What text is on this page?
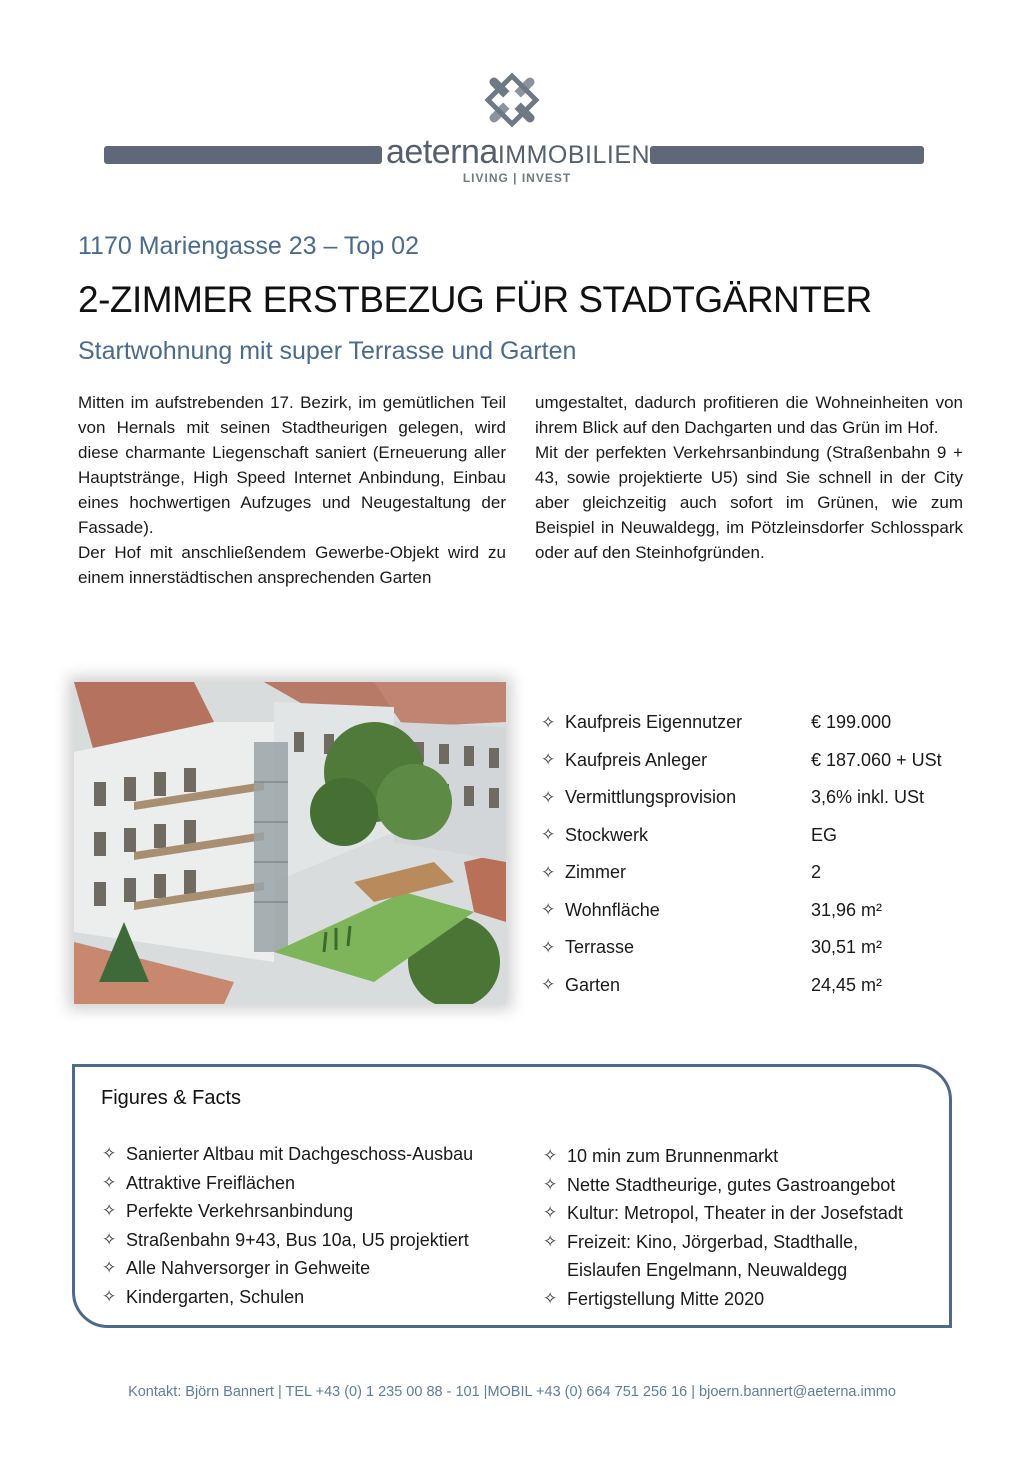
aeternaIMMOBILIEN
LIVING | INVEST
1170 Mariengasse 23 – Top 02
2-ZIMMER ERSTBEZUG FÜR STADTGÄRNTER
Startwohnung mit super Terrasse und Garten

Mitten im aufstrebenden 17. Bezirk, im gemütlichen Teil von Hernals mit seinen Stadtheurigen gelegen, wird diese charmante Liegenschaft saniert (Erneuerung aller Hauptstränge, High Speed Internet Anbindung, Einbau eines hochwertigen Aufzuges und Neugestaltung der Fassade).

Der Hof mit anschließendem Gewerbe-Objekt wird zu einem innerstädtischen ansprechenden Garten

umgestaltet, dadurch profitieren die Wohneinheiten von ihrem Blick auf den Dachgarten und das Grün im Hof.

Mit der perfekten Verkehrsanbindung (Straßenbahn 9 + 43, sowie projektierte U5) sind Sie schnell in der City aber gleichzeitig auch sofort im Grünen, wie zum Beispiel in Neuwaldegg, im Pötzleinsdorfer Schlosspark oder auf den Steinhofgründen.

✧ Kaufpreis Eigennutzer	€ 199.000
✧ Kaufpreis Anleger	€ 187.060 + USt
✧ Vermittlungsprovision	3,6% inkl. USt
✧ Stockwerk	EG
✧ Zimmer	2
✧ Wohnfläche	31,96 m²
✧ Terrasse	30,51 m²
✧ Garten	24,45 m²
Figures & Facts
✧ Sanierter Altbau mit Dachgeschoss-Ausbau
✧ Attraktive Freiflächen
✧ Perfekte Verkehrsanbindung
✧ Straßenbahn 9+43, Bus 10a, U5 projektiert
✧ Alle Nahversorger in Gehweite
✧ Kindergarten, Schulen
✧ 10 min zum Brunnenmarkt
✧ Nette Stadtheurige, gutes Gastroangebot
✧ Kultur: Metropol, Theater in der Josefstadt
✧ Freizeit: Kino, Jörgerbad, Stadthalle, Eislaufen Engelmann, Neuwaldegg
✧ Fertigstellung Mitte 2020
Kontakt: Björn Bannert | TEL +43 (0) 1 235 00 88 - 101 |MOBIL +43 (0) 664 751 256 16 | bjoern.bannert@aeterna.immo
